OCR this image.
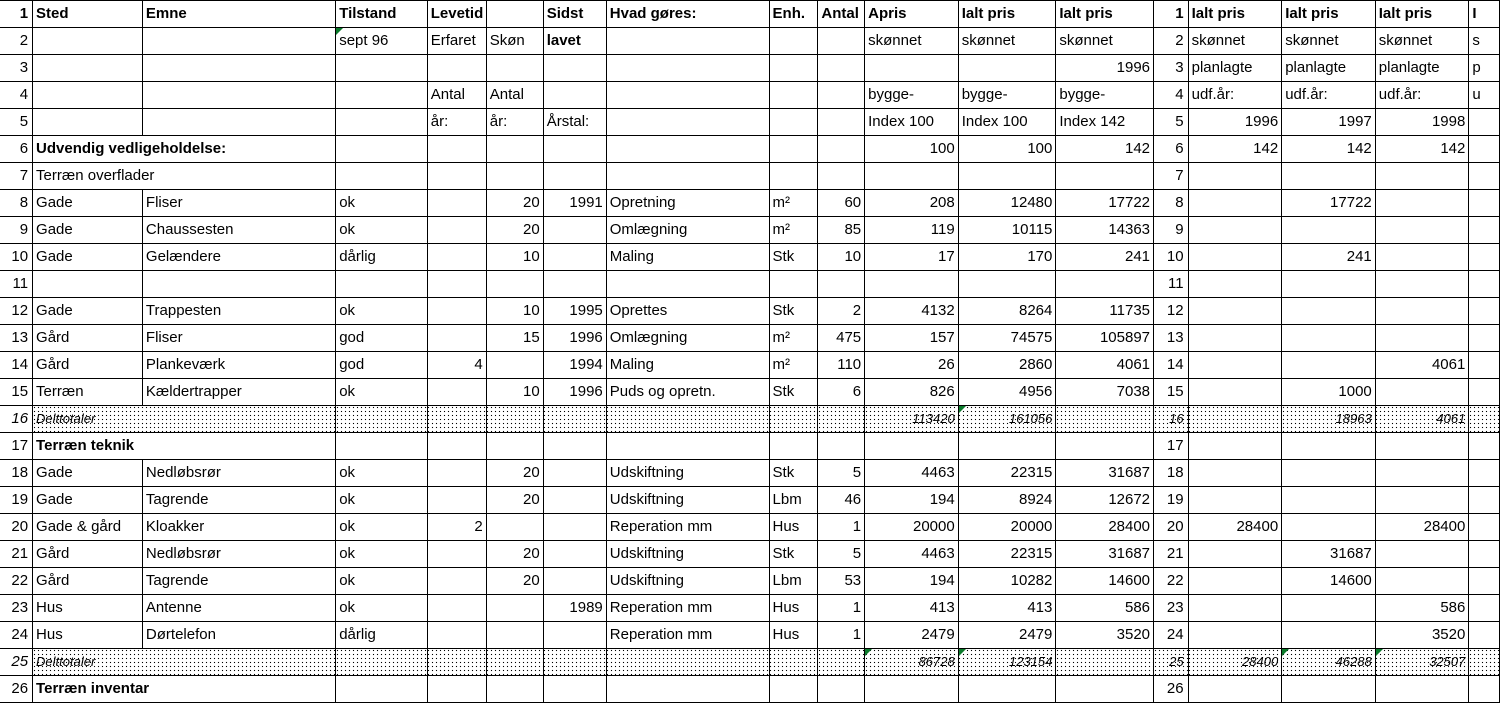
1	Sted	Emne	Tilstand	Levetid		Sidst	Hvad gøres:	Enh.	Antal	Apris	Ialt pris	Ialt pris	1	Ialt pris	Ialt pris	Ialt pris	I
2			sept 96	Erfaret	Skøn	lavet				skønnet	skønnet	skønnet	2	skønnet	skønnet	skønnet	s
3												1996	3	planlagte	planlagte	planlagte	p
4				Antal	Antal					bygge-	bygge-	bygge-	4	udf.år:	udf.år:	udf.år:	u
5				år:	år:	Årstal:				Index 100	Index 100	Index 142	5	1996	1997	1998	
6	Udvendig vedligeholdelse:									100	100	142	6	142	142	142	
7	Terræn overflader												7				
8	Gade	Fliser	ok		20	1991	Opretning	m²	60	208	12480	17722	8		17722		
9	Gade	Chaussesten	ok		20		Omlægning	m²	85	119	10115	14363	9				
10	Gade	Gelændere	dårlig		10		Maling	Stk	10	17	170	241	10		241		
11													11				
12	Gade	Trappesten	ok		10	1995	Oprettes	Stk	2	4132	8264	11735	12				
13	Gård	Fliser	god		15	1996	Omlægning	m²	475	157	74575	105897	13				
14	Gård	Plankeværk	god	4		1994	Maling	m²	110	26	2860	4061	14			4061	
15	Terræn	Kældertrapper	ok		10	1996	Puds og opretn.	Stk	6	826	4956	7038	15		1000		
16	Delttotaler									113420	161056		16		18963	4061	
17	Terræn teknik												17				
18	Gade	Nedløbsrør	ok		20		Udskiftning	Stk	5	4463	22315	31687	18				
19	Gade	Tagrende	ok		20		Udskiftning	Lbm	46	194	8924	12672	19				
20	Gade & gård	Kloakker	ok	2			Reperation mm	Hus	1	20000	20000	28400	20	28400		28400	
21	Gård	Nedløbsrør	ok		20		Udskiftning	Stk	5	4463	22315	31687	21		31687		
22	Gård	Tagrende	ok		20		Udskiftning	Lbm	53	194	10282	14600	22		14600		
23	Hus	Antenne	ok			1989	Reperation mm	Hus	1	413	413	586	23			586	
24	Hus	Dørtelefon	dårlig				Reperation mm	Hus	1	2479	2479	3520	24			3520	
25	Delttotaler									86728	123154		25	28400	46288	32507	
26	Terræn inventar												26				
